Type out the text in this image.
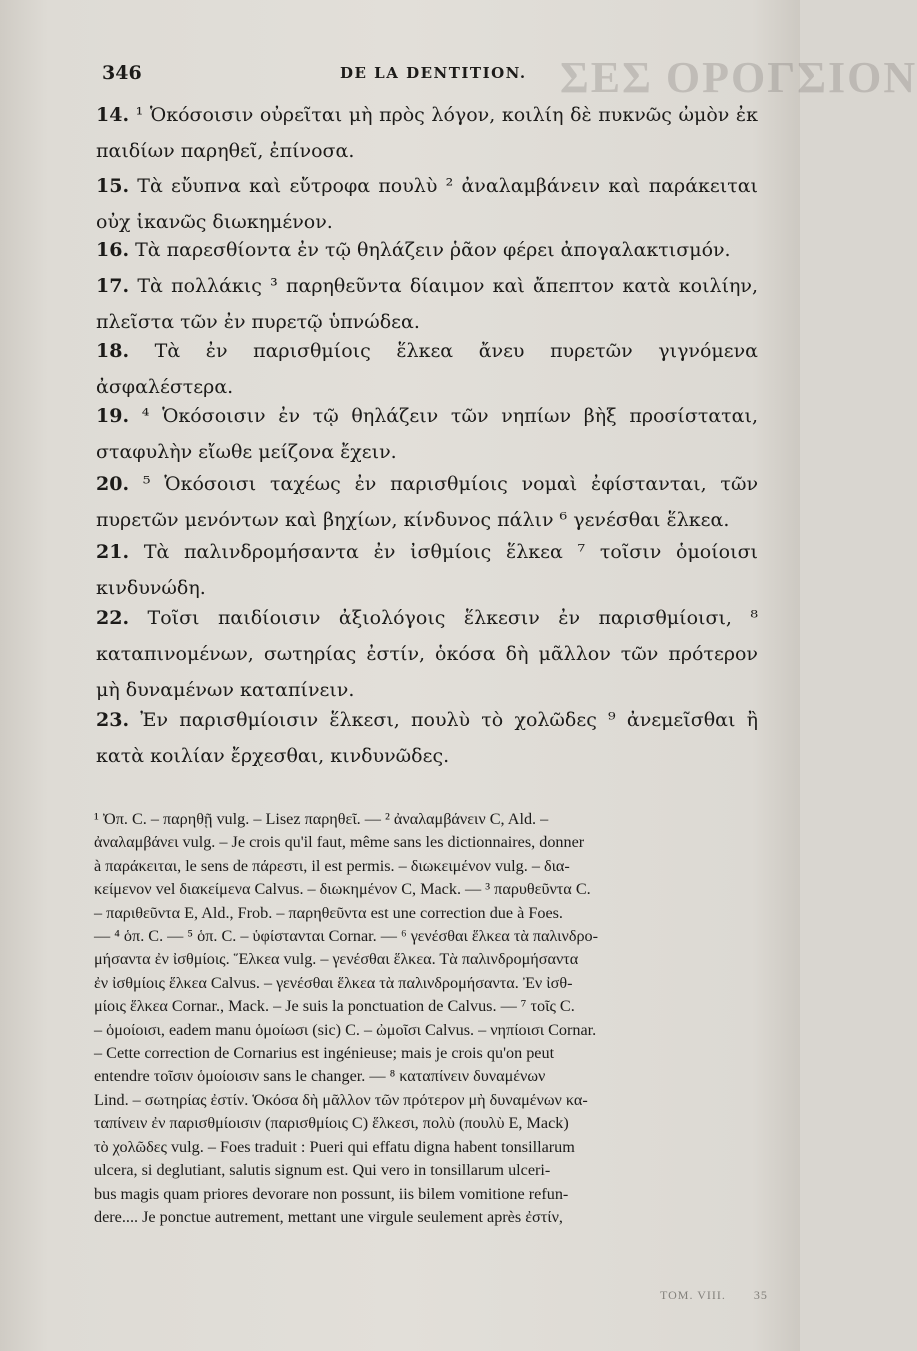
ΣΕΣ ΟΡΟΓΣΙΟΝ
346	DE LA DENTITION.
14. ¹ Ὁκόσοισιν οὐρεῖται μὴ πρὸς λόγον, κοιλίη δὲ πυκνῶς ὠμὸν ἐκ παιδίων παρηθεῖ, ἐπίνοσα.
15. Τὰ εὔυπνα καὶ εὔτροφα πουλὺ ² ἀναλαμβάνειν καὶ παράκειται οὐχ ἱκανῶς διωκημένον.
16. Τὰ παρεσθίοντα ἐν τῷ θηλάζειν ῥᾶον φέρει ἀπογαλακτισμόν.
17. Τὰ πολλάκις ³ παρηθεῦντα δίαιμον καὶ ἄπεπτον κατὰ κοιλίην, πλεῖστα τῶν ἐν πυρετῷ ὑπνώδεα.
18. Τὰ ἐν παρισθμίοις ἕλκεα ἄνευ πυρετῶν γιγνόμενα ἀσφαλέστερα.
19. ⁴ Ὁκόσοισιν ἐν τῷ θηλάζειν τῶν νηπίων βὴξ προσίσταται, σταφυλὴν εἴωθε μείζονα ἔχειν.
20. ⁵ Ὁκόσοισι ταχέως ἐν παρισθμίοις νομαὶ ἐφίστανται, τῶν πυρετῶν μενόντων καὶ βηχίων, κίνδυνος πάλιν ⁶ γενέσθαι ἕλκεα.
21. Τὰ παλινδρομήσαντα ἐν ἰσθμίοις ἕλκεα ⁷ τοῖσιν ὁμοίοισι κινδυνώδη.
22. Τοῖσι παιδίοισιν ἀξιολόγοις ἕλκεσιν ἐν παρισθμίοισι, ⁸ καταπινομένων, σωτηρίας ἐστίν, ὁκόσα δὴ μᾶλλον τῶν πρότερον μὴ δυναμένων καταπίνειν.
23. Ἐν παρισθμίοισιν ἕλκεσι, πουλὺ τὸ χολῶδες ⁹ ἀνεμεῖσθαι ἢ κατὰ κοιλίαν ἔρχεσθαι, κινδυνῶδες.
¹ Ὀπ. C. – παρηθῇ vulg. – Lisez παρηθεῖ. — ² ἀναλαμβάνειν C, Ald. –
ἀναλαμβάνει vulg. – Je crois qu'il faut, même sans les dictionnaires, donner
à παράκειται, le sens de πάρεστι, il est permis. – διωκειμένον vulg. – δια-
κείμενον vel διακείμενα Calvus. – διωκημένον C, Mack. — ³ παρυθεῦντα C.
– παριθεῦντα E, Ald., Frob. – παρηθεῦντα est une correction due à Foes.
— ⁴ ὁπ. C. — ⁵ ὁπ. C. – ὑφίστανται Cornar. — ⁶ γενέσθαι ἕλκεα τὰ παλινδρο-
μήσαντα ἐν ἰσθμίοις. Ἕλκεα vulg. – γενέσθαι ἕλκεα. Τὰ παλινδρομήσαντα
ἐν ἰσθμίοις ἕλκεα Calvus. – γενέσθαι ἕλκεα τὰ παλινδρομήσαντα. Ἐν ἰσθ-
μίοις ἕλκεα Cornar., Mack. – Je suis la ponctuation de Calvus. — ⁷ τοῖς C.
– ὁμοίοισι, eadem manu ὁμοίωσι (sic) C. – ὠμοῖσι Calvus. – νηπίοισι Cornar.
– Cette correction de Cornarius est ingénieuse; mais je crois qu'on peut
entendre τοῖσιν ὁμοίοισιν sans le changer. — ⁸ καταπίνειν δυναμένων
Lind. – σωτηρίας ἐστίν. Ὁκόσα δὴ μᾶλλον τῶν πρότερον μὴ δυναμένων κα-
ταπίνειν ἐν παρισθμίοισιν (παρισθμίοις C) ἕλκεσι, πολὺ (πουλὺ E, Mack)
τὸ χολῶδες vulg. – Foes traduit : Pueri qui effatu digna habent tonsillarum
ulcera, si deglutiant, salutis signum est. Qui vero in tonsillarum ulceri-
bus magis quam priores devorare non possunt, iis bilem vomitione refun-
dere.... Je ponctue autrement, mettant une virgule seulement après ἐστίν,
TOM. VIII.       35
